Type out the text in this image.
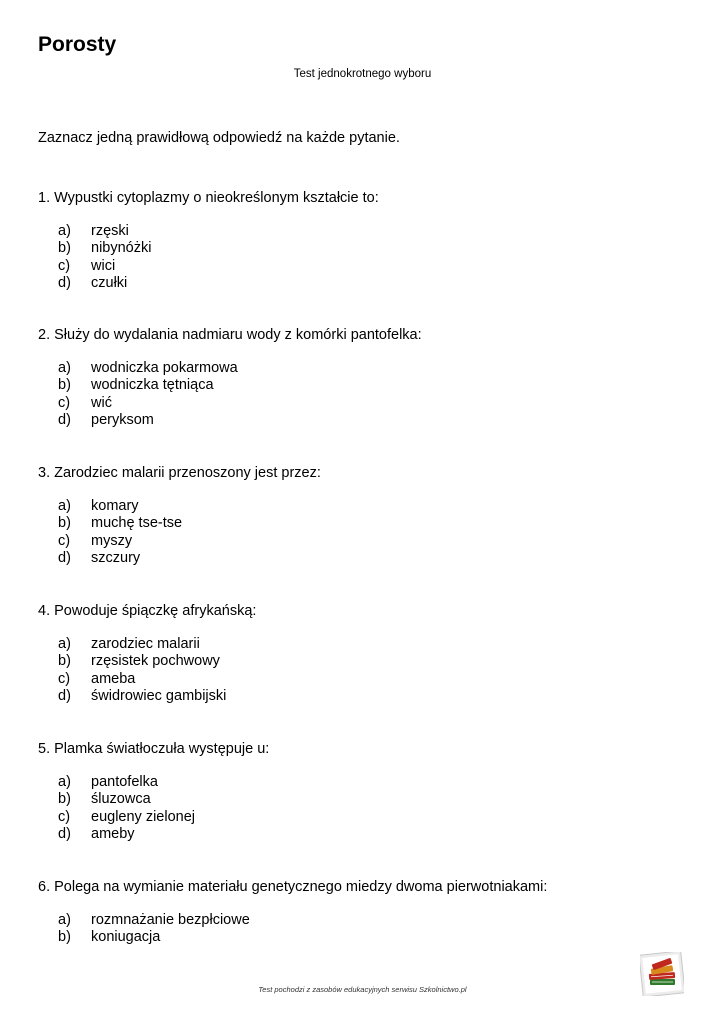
Porosty

Test jednokrotnego wyboru

Zaznacz jedną prawidłową odpowiedź na każde pytanie.

1. Wypustki cytoplazmy o nieokreślonym kształcie to:

a)	rzęski
b)	nibynóżki
c)	wici
d)	czułki

2. Służy do wydalania nadmiaru wody z komórki pantofelka:

a)	wodniczka pokarmowa
b)	wodniczka tętniąca
c)	wić
d)	peryksom

3. Zarodziec malarii przenoszony jest przez:

a)	komary
b)	muchę tse-tse
c)	myszy
d)	szczury

4. Powoduje śpiączkę afrykańską:

a)	zarodziec malarii
b)	rzęsistek pochwowy
c)	ameba
d)	świdrowiec gambijski

5. Plamka światłoczuła występuje u:

a)	pantofelka
b)	śluzowca
c)	eugleny zielonej
d)	ameby

6. Polega na wymianie materiału genetycznego miedzy dwoma pierwotniakami:

a)	rozmnażanie bezpłciowe
b)	koniugacja
Test pochodzi z zasobów edukacyjnych serwisu Szkolnictwo.pl
